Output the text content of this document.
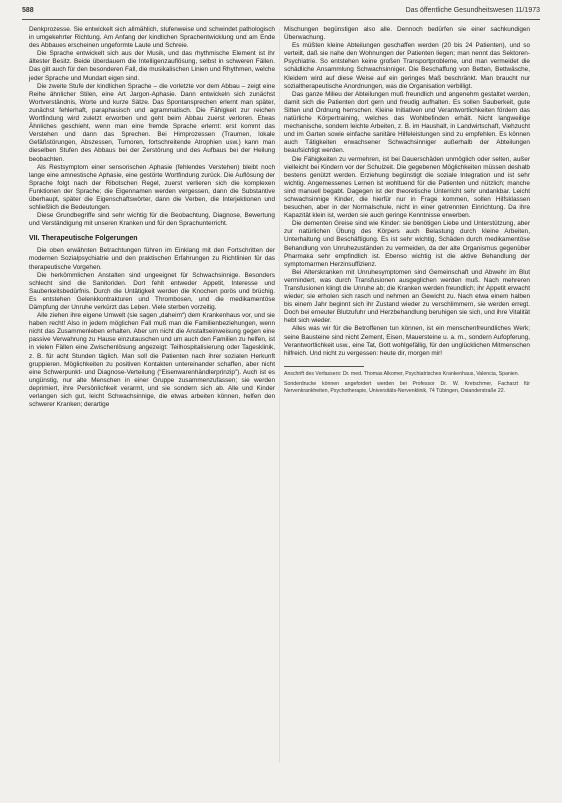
588	Das öffentliche Gesundheitswesen 11/1973

Denkprozesse. Sie entwickelt sich allmählich, stufenweise und schwindet pathologisch in umgekehrter Richtung. Am Anfang der kindlichen Sprachentwicklung und am Ende des Abbaues erscheinen ungeformte Laute und Schreie.

Die Sprache entwickelt sich aus der Musik, und das rhythmische Element ist ihr ältester Besitz. Beide überdauern die Intelligenzauflösung, selbst in schweren Fällen. Das gilt auch für den besonderen Fall, die musikalischen Linien und Rhythmen, welche jeder Sprache und Mundart eigen sind.

Die zweite Stufe der kindlichen Sprache – die vorletzte vor dem Abbau – zeigt eine Reihe ähnlicher Stilen, eine Art Jargon-Aphasie. Dann entwickeln sich zunächst Wortverständnis, Worte und kurze Sätze. Das Spontansprechen erlernt man später, zunächst fehlerhaft, paraphasisch und agrammatisch. Die Fähigkeit zur reichen Wortfindung wird zuletzt erworben und geht beim Abbau zuerst verloren. Etwas Ähnliches geschieht, wenn man eine fremde Sprache erlernt: erst kommt das Verstehen und dann das Sprechen. Bei Hirnprozessen (Traumen, lokale Gefäßstörungen, Abszessen, Tumoren, fortschreitende Atrophien usw.) kann man dieselben Stufen des Abbaus bei der Zerstörung und des Aufbaus bei der Heilung beobachten.

Als Restsymptom einer sensorischen Aphasie (fehlendes Verstehen) bleibt noch lange eine amnestische Aphasie, eine gestörte Wortfindung zurück. Die Auflösung der Sprache folgt nach der Ribotschen Regel, zuerst verlieren sich die komplexen Funktionen der Sprache; die Eigennamen werden vergessen, dann die Substantive überhaupt, später die Eigenschaftswörter, dann die Verben, die Interjektionen und schließlich die Bedeutungen.

Diese Grundbegriffe sind sehr wichtig für die Beobachtung, Diagnose, Bewertung und Verständigung mit unseren Kranken und für den Sprachunterricht.

VII. Therapeutische Folgerungen

Die oben erwähnten Betrachtungen führen im Einklang mit den Fortschritten der modernen Sozialpsychiatrie und den praktischen Erfahrungen zu Richtlinien für das therapeutische Vorgehen.

Die herkömmlichen Anstalten sind ungeeignet für Schwachsinnige. Besonders schlecht sind die Sanitoriden. Dort fehlt entweder Appetit, Interesse und Sauberkeitsbedürfnis. Durch die Untätigkeit werden die Knochen porös und brüchig. Es entstehen Gelenkkontrakturen und Thrombosen, und die medikamentöse Dämpfung der Unruhe verkürzt das Leben. Viele sterben vorzeitig.

Alle ziehen ihre eigene Umwelt (sie sagen „daheim“) dem Krankenhaus vor, und sie haben recht! Also in jedem möglichen Fall muß man die Familienbeziehungen, wenn nicht das Zusammenleben erhalten. Aber um nicht die Anstaltseinweisung gegen eine passive Verwahrung zu Hause einzutauschen und um auch den Familien zu helfen, ist in vielen Fällen eine Zwischenlösung angezeigt: Teilhospitalisierung oder Tagesklinik, z. B. für acht Stunden täglich. Man soll die Patienten nach ihrer sozialen Herkunft gruppieren. Möglichkeiten zu positiven Kontakten untereinander schaffen, aber nicht eine Schwerpunkt- und Diagnose-Verteilung (“Eisenwarenhändlerprinzip”). Auch ist es ungünstig, nur alte Menschen in einer Gruppe zusammenzufassen; sie werden deprimiert, ihre Persönlichkeit verarmt, und sie sondern sich ab. Alle und Kinder verlangen sich gut, leicht Schwachsinnige, die etwas arbeiten können, helfen den schwerer Kranken; derartige

Mischungen begünstigen also alle. Dennoch bedürfen sie einer sachkundigen Überwachung.

Es müßten kleine Abteilungen geschaffen werden (20 bis 24 Patienten), und so verteilt, daß sie nahe den Wohnungen der Patienten liegen; man nennt das Sektoren-Psychiatrie. So entstehen keine großen Transportprobleme, und man vermeidet die schädliche Ansammlung Schwachsinniger. Die Beschaffung von Betten, Bettwäsche, Kleidern wird auf diese Weise auf ein geringes Maß beschränkt. Man braucht nur sozialtherapeutische Anordnungen, was die Organisation verbilligt.

Das ganze Milieu der Abteilungen muß freundlich und angenehm gestaltet werden, damit sich die Patienten dort gern und freudig aufhalten. Es sollen Sauberkeit, gute Sitten und Ordnung herrschen. Kleine Initiativen und Verantwortlichkeiten fördern das natürliche Körpertraining, welches das Wohlbefinden erhält. Nicht langweilige mechanische, sondern leichte Arbeiten, z. B. im Haushalt, in Landwirtschaft, Viehzucht und im Garten sowie einfache sanitäre Hilfeleistungen sind zu empfehlen. Es können auch Tätigkeiten erwachsener Schwachsinniger außerhalb der Abteilungen beaufsichtigt werden.

Die Fähigkeiten zu vermehren, ist bei Dauerschäden unmöglich oder selten, außer vielleicht bei Kindern vor der Schulzeit. Die gegebenen Möglichkeiten müssen deshalb bestens genützt werden. Erziehung begünstigt die soziale Integration und ist sehr wichtig. Angemessenes Lernen ist wohltuend für die Patienten und nützlich; manche sind manuell begabt. Dagegen ist der theoretische Unterricht sehr undankbar. Leicht schwachsinnige Kinder, die hierfür nur in Frage kommen, sollen Hilfsklassen besuchen, aber in der Normalschule, nicht in einer getrennten Einrichtung. Da ihre Kapazität klein ist, werden sie auch geringe Kenntnisse erwerben.

Die dementen Greise sind wie Kinder: sie benötigen Liebe und Unterstützung, aber zur natürlichen Übung des Körpers auch Belastung durch kleine Arbeiten, Unterhaltung und Beschäftigung. Es ist sehr wichtig, Schäden durch medikamentöse Behandlung von Unruhezuständen zu vermeiden, da der alte Organismus gegenüber Pharmaka sehr empfindlich ist. Ebenso wichtig ist die aktive Behandlung der symptomarmen Herzinsuffizienz.

Bei Alterskranken mit Unruhesymptomen sind Gemeinschaft und Abwehr im Blut vermindert, was durch Transfusionen ausgeglichen werden muß. Nach mehreren Transfusionen klingt die Unruhe ab; die Kranken werden freundlich; ihr Appetit erwacht wieder; sie erholen sich rasch und nehmen an Gewicht zu. Nach etwa einem halben bis einem Jahr beginnt sich ihr Zustand wieder zu verschlimmern, sie werden erregt. Doch bei erneuter Blutzufuhr und Herzbehandlung beruhigen sie sich, und ihre Vitalität hebt sich wieder.

Alles was wir für die Betroffenen tun können, ist ein menschenfreundliches Werk; seine Bausteine sind nicht Zement, Eisen, Mauersteine u. a. m., sondern Aufopferung, Verantwortlichkeit usw., eine Tat, Gott wohlgefällig, für den unglücklichen Mitmenschen hilfreich. Und nicht zu vergessen: heute dir, morgen mir!

Anschrift des Verfassers: Dr. med. Thomas Alkomer, Psychiatrisches Krankenhaus, Valencia, Spanien.

Sonderdrucke können angefordert werden bei Professor Dr. W. Kretschmer, Facharzt für Nervenkrankheiten, Psychotherapie, Universitäts-Nervenklinik, 74 Tübingen, Osianderstraße 22.
